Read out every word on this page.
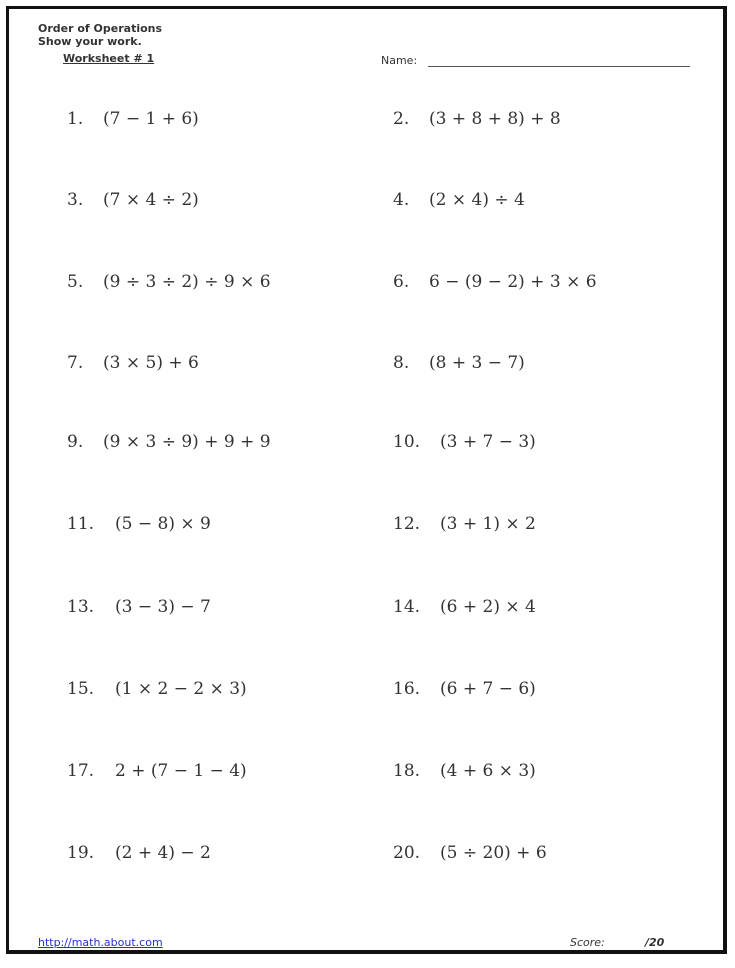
Order of Operations
Show your work.
Worksheet # 1	Name:
1. (7 − 1 + 6)	2. (3 + 8 + 8) + 8
3. (7 × 4 ÷ 2)	4. (2 × 4) ÷ 4
5. (9 ÷ 3 ÷ 2) ÷ 9 × 6	6. 6 − (9 − 2) + 3 × 6
7. (3 × 5) + 6	8. (8 + 3 − 7)
9. (9 × 3 ÷ 9) + 9 + 9	10. (3 + 7 − 3)
11. (5 − 8) × 9	12. (3 + 1) × 2
13. (3 − 3) − 7	14. (6 + 2) × 4
15. (1 × 2 − 2 × 3)	16. (6 + 7 − 6)
17. 2 + (7 − 1 − 4)	18. (4 + 6 × 3)
19. (2 + 4) − 2	20. (5 ÷ 20) + 6
http://math.about.com	Score:	/20
